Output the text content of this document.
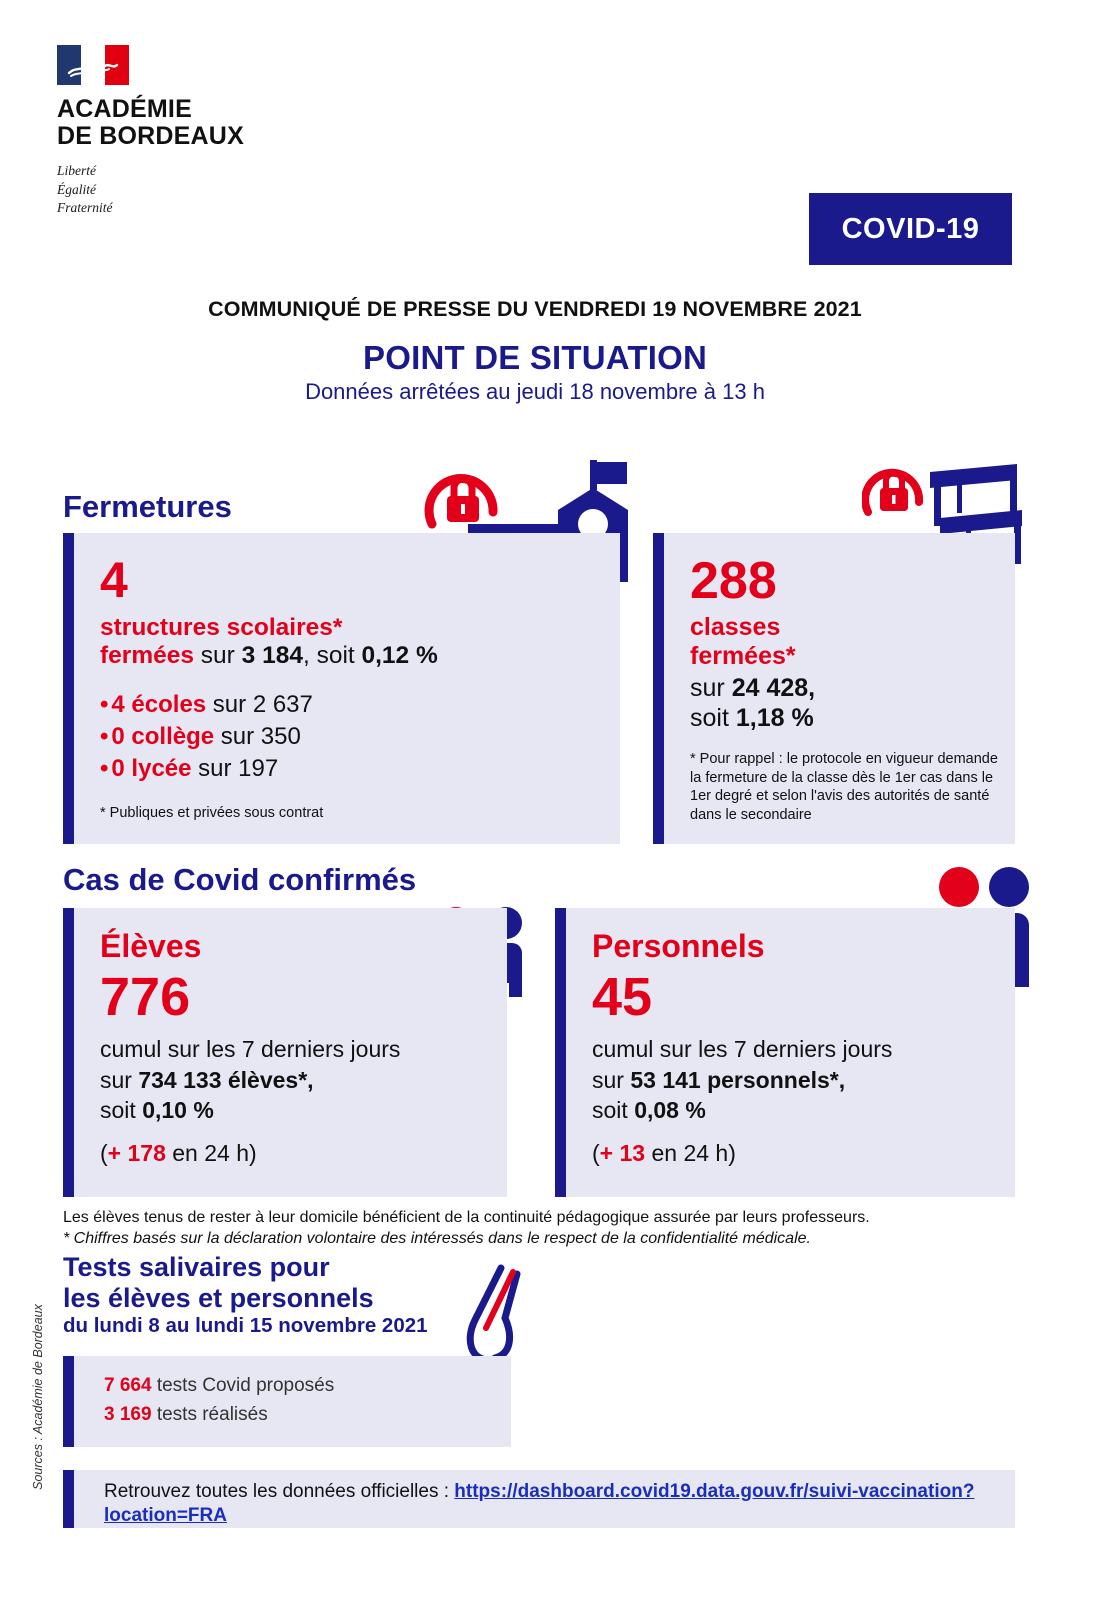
ACADÉMIE
DE BORDEAUX
Liberté
Égalité
Fraternité
COVID-19
COMMUNIQUÉ DE PRESSE DU VENDREDI 19 NOVEMBRE 2021
POINT DE SITUATION
Données arrêtées au jeudi 18 novembre à 13 h
Fermetures
4
structures scolaires*
fermées sur 3 184, soit 0,12 %
• 4 écoles sur 2 637
• 0 collège sur 350
• 0 lycée sur 197
* Publiques et privées sous contrat
288
classes
fermées*
sur 24 428,
soit 1,18 %
* Pour rappel : le protocole en vigueur demande la fermeture de la classe dès le 1er cas dans le 1er degré et selon l'avis des autorités de santé dans le secondaire
Cas de Covid confirmés
Élèves
776
cumul sur les 7 derniers jours
sur 734 133 élèves*,
soit 0,10 %
(+ 178 en 24 h)
Personnels
45
cumul sur les 7 derniers jours
sur 53 141 personnels*,
soit 0,08 %
(+ 13 en 24 h)
Les élèves tenus de rester à leur domicile bénéficient de la continuité pédagogique assurée par leurs professeurs.
* Chiffres basés sur la déclaration volontaire des intéressés dans le respect de la confidentialité médicale.
Tests salivaires pour
les élèves et personnels
du lundi 8 au lundi 15 novembre 2021
7 664 tests Covid proposés
3 169 tests réalisés
Retrouvez toutes les données officielles : https://dashboard.covid19.data.gouv.fr/suivi-vaccination?location=FRA
Sources : Académie de Bordeaux
